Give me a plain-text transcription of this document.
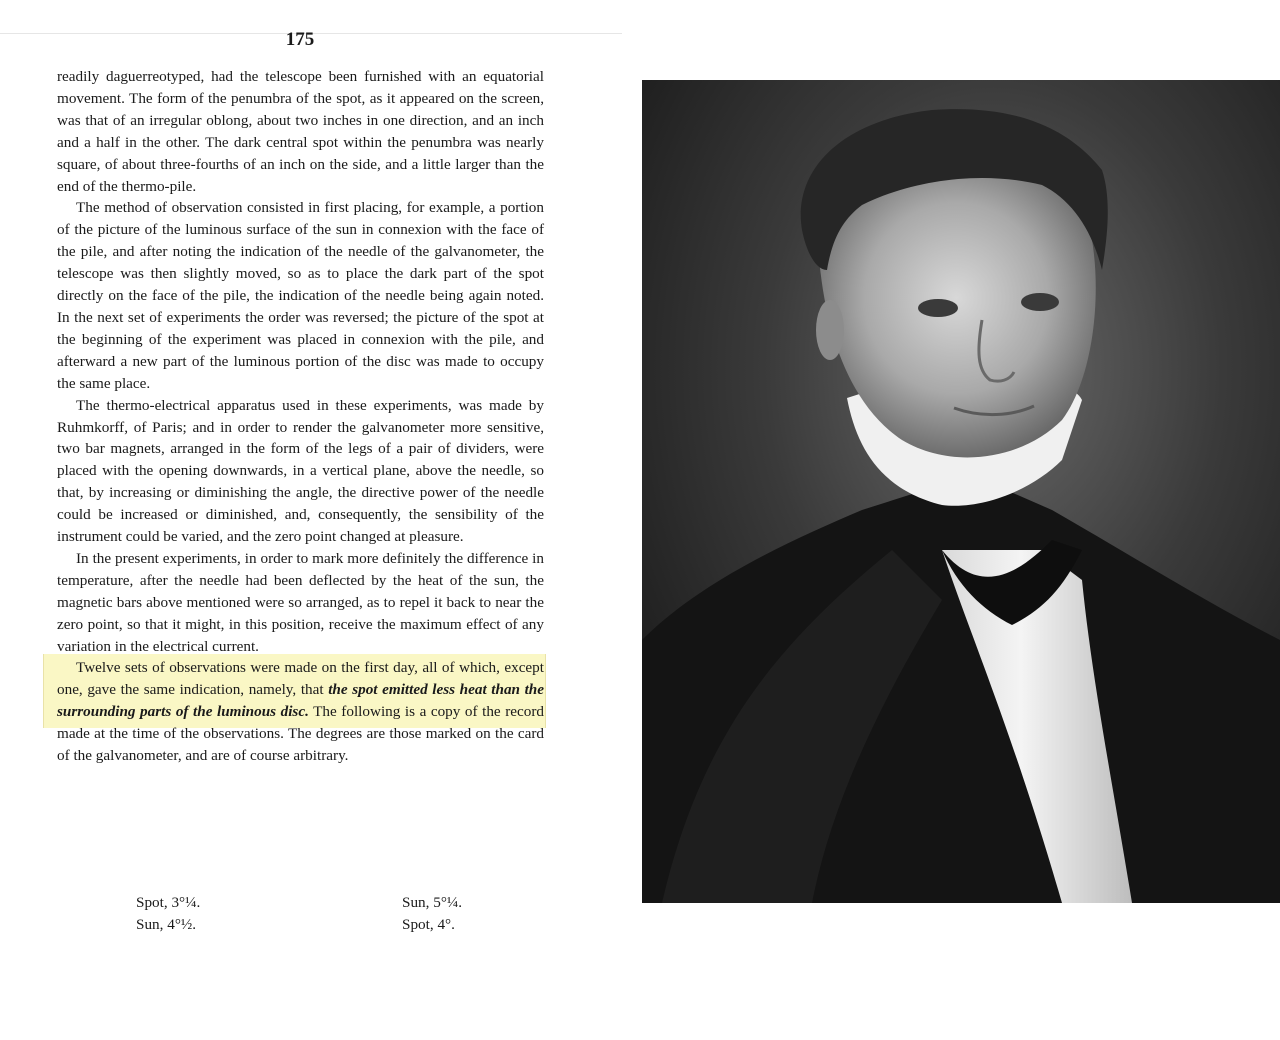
175

readily daguerreotyped, had the telescope been furnished with an equatorial movement. The form of the penumbra of the spot, as it appeared on the screen, was that of an irregular oblong, about two inches in one direction, and an inch and a half in the other. The dark central spot within the penumbra was nearly square, of about three-fourths of an inch on the side, and a little larger than the end of the thermo-pile.

The method of observation consisted in first placing, for example, a portion of the picture of the luminous surface of the sun in connexion with the face of the pile, and after noting the indication of the needle of the galvanometer, the telescope was then slightly moved, so as to place the dark part of the spot directly on the face of the pile, the indication of the needle being again noted. In the next set of experiments the order was reversed; the picture of the spot at the beginning of the experiment was placed in connexion with the pile, and afterward a new part of the luminous portion of the disc was made to occupy the same place.

The thermo-electrical apparatus used in these experiments, was made by Ruhmkorff, of Paris; and in order to render the galvanometer more sensitive, two bar magnets, arranged in the form of the legs of a pair of dividers, were placed with the opening downwards, in a vertical plane, above the needle, so that, by increasing or diminishing the angle, the directive power of the needle could be increased or diminished, and, consequently, the sensibility of the instrument could be varied, and the zero point changed at pleasure.

In the present experiments, in order to mark more definitely the difference in temperature, after the needle had been deflected by the heat of the sun, the magnetic bars above mentioned were so arranged, as to repel it back to near the zero point, so that it might, in this position, receive the maximum effect of any variation in the electrical current.

Twelve sets of observations were made on the first day, all of which, except one, gave the same indication, namely, that the spot emitted less heat than the surrounding parts of the luminous disc. The following is a copy of the record made at the time of the observations. The degrees are those marked on the card of the galvanometer, and are of course arbitrary.

Spot, 3°¼.	Sun, 5°¼.
Sun, 4°½.	Spot, 4°.
